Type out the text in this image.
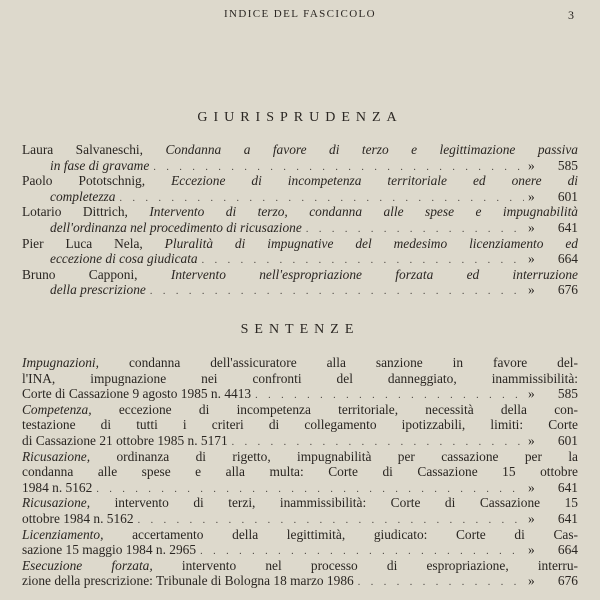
INDICE DEL FASCICOLO	3
GIURISPRUDENZA
Laura Salvaneschi, Condanna a favore di terzo e legittimazione passiva
in fase di gravame . . .	» 585
Paolo Pototschnig, Eccezione di incompetenza territoriale ed onere di
completezza . . .	» 601
Lotario Dittrich, Intervento di terzo, condanna alle spese e impugnabilità
dell'ordinanza nel procedimento di ricusazione . . .	» 641
Pier Luca Nela, Pluralità di impugnative del medesimo licenziamento ed
eccezione di cosa giudicata . . .	» 664
Bruno Capponi, Intervento nell'espropriazione forzata ed interruzione
della prescrizione . . .	» 676
SENTENZE
Impugnazioni, condanna dell'assicuratore alla sanzione in favore del-
l'INA, impugnazione nei confronti del danneggiato, inammissibilità:
Corte di Cassazione 9 agosto 1985 n. 4413 . . .	» 585
Competenza, eccezione di incompetenza territoriale, necessità della con-
testazione di tutti i criteri di collegamento ipotizzabili, limiti: Corte
di Cassazione 21 ottobre 1985 n. 5171 . . .	» 601
Ricusazione, ordinanza di rigetto, impugnabilità per cassazione per la
condanna alle spese e alla multa: Corte di Cassazione 15 ottobre
1984 n. 5162 . . .	» 641
Ricusazione, intervento di terzi, inammissibilità: Corte di Cassazione 15
ottobre 1984 n. 5162 . . .	» 641
Licenziamento, accertamento della legittimità, giudicato: Corte di Cas-
sazione 15 maggio 1984 n. 2965 . . .	» 664
Esecuzione forzata, intervento nel processo di espropriazione, interru-
zione della prescrizione: Tribunale di Bologna 18 marzo 1986 . . .	» 676
